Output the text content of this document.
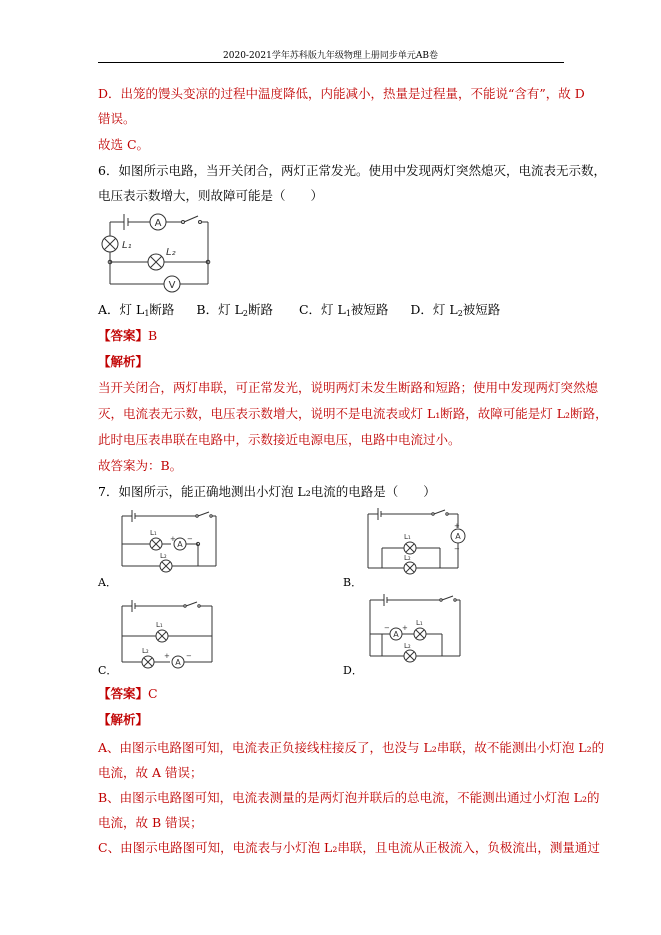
2020-2021学年苏科版九年级物理上册同步单元AB卷
D．出笼的馒头变凉的过程中温度降低，内能减小，热量是过程量，不能说“含有”，故 D
错误。
故选 C。
6．如图所示电路，当开关闭合，两灯正常发光。使用中发现两灯突然熄灭，电流表无示数，
电压表示数增大，则故障可能是（　　）
A
L₁
L₂
V
A．灯 $L_1$断路 B．灯 $L_2$断路 C．灯 $L_1$被短路 D．灯 $L_2$被短路
【答案】B
【解析】
当开关闭合，两灯串联，可正常发光，说明两灯未发生断路和短路；使用中发现两灯突然熄
灭，电流表无示数，电压表示数增大，说明不是电流表或灯 L₁断路，故障可能是灯 L₂断路，
此时电压表串联在电路中，示数接近电源电压，电路中电流过小。
故答案为：B。
7．如图所示，能正确地测出小灯泡 L₂电流的电路是（　　）
L₁
+
A
−
L₂
A．
+
A
−
L₁
L₂
B．
L₁
L₂
+
A
−
C．
−
A
+
L₁
L₂
D．
【答案】C
【解析】
A、由图示电路图可知，电流表正负接线柱接反了，也没与 L₂串联，故不能测出小灯泡 L₂的
电流，故 A 错误；
B、由图示电路图可知，电流表测量的是两灯泡并联后的总电流，不能测出通过小灯泡 L₂的
电流，故 B 错误；
C、由图示电路图可知，电流表与小灯泡 L₂串联，且电流从正极流入，负极流出，测量通过
